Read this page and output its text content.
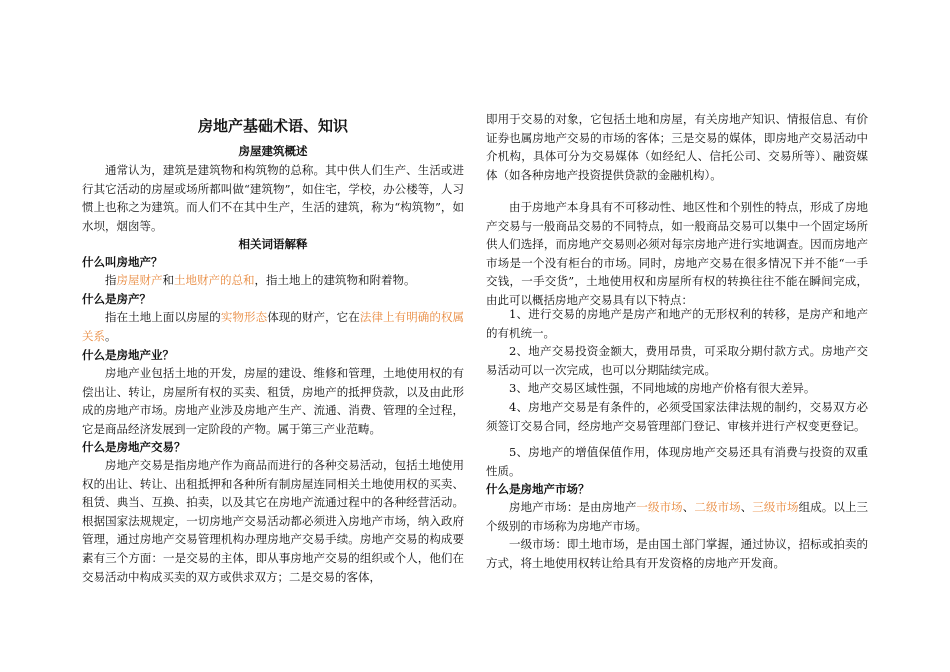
房地产基础术语、知识
房屋建筑概述

通常认为，建筑是建筑物和构筑物的总称。其中供人们生产、生活或进行其它活动的房屋或场所都叫做“建筑物”，如住宅，学校，办公楼等，人习惯上也称之为建筑。而人们不在其中生产，生活的建筑，称为“构筑物”，如水坝，烟囱等。

相关词语解释
什么叫房地产？

指房屋财产和土地财产的总和，指土地上的建筑物和附着物。

什么是房产？

指在土地上面以房屋的实物形态体现的财产，它在法律上有明确的权属关系。

什么是房地产业？

房地产业包括土地的开发，房屋的建设、维修和管理，土地使用权的有偿出让、转让，房屋所有权的买卖、租赁，房地产的抵押贷款，以及由此形成的房地产市场。房地产业涉及房地产生产、流通、消费、管理的全过程，它是商品经济发展到一定阶段的产物。属于第三产业范畴。

什么是房地产交易？

房地产交易是指房地产作为商品而进行的各种交易活动，包括土地使用权的出让、转让、出租抵押和各种所有制房屋连同相关土地使用权的买卖、租赁、典当、互换、拍卖，以及其它在房地产流通过程中的各种经营活动。根据国家法规规定，一切房地产交易活动都必须进入房地产市场，纳入政府管理，通过房地产交易管理机构办理房地产交易手续。房地产交易的构成要素有三个方面：一是交易的主体，即从事房地产交易的组织或个人，他们在交易活动中构成买卖的双方或供求双方；二是交易的客体，

即用于交易的对象，它包括土地和房屋，有关房地产知识、情报信息、有价证券也属房地产交易的市场的客体；三是交易的媒体，即房地产交易活动中介机构，具体可分为交易媒体（如经纪人、信托公司、交易所等）、融资媒体（如各种房地产投资提供贷款的金融机构）。

由于房地产本身具有不可移动性、地区性和个别性的特点，形成了房地产交易与一般商品交易的不同特点，如一般商品交易可以集中一个固定场所供人们选择，而房地产交易则必须对每宗房地产进行实地调查。因而房地产市场是一个没有柜台的市场。同时，房地产交易在很多情况下并不能“一手交钱，一手交货”，土地使用权和房屋所有权的转换往往不能在瞬间完成，由此可以概括房地产交易具有以下特点：

1、进行交易的房地产是房产和地产的无形权利的转移，是房产和地产的有机统一。

2、地产交易投资金额大，费用昂贵，可采取分期付款方式。房地产交易活动可以一次完成，也可以分期陆续完成。

3、地产交易区域性强，不同地域的房地产价格有很大差异。

4、房地产交易是有条件的，必须受国家法律法规的制约，交易双方必须签订交易合同，经房地产交易管理部门登记、审核并进行产权变更登记。

5、房地产的增值保值作用，体现房地产交易还具有消费与投资的双重性质。

什么是房地产市场？

房地产市场：是由房地产一级市场、二级市场、三级市场组成。以上三个级别的市场称为房地产市场。

一级市场：即土地市场，是由国土部门掌握，通过协议，招标或拍卖的方式，将土地使用权转让给具有开发资格的房地产开发商。
